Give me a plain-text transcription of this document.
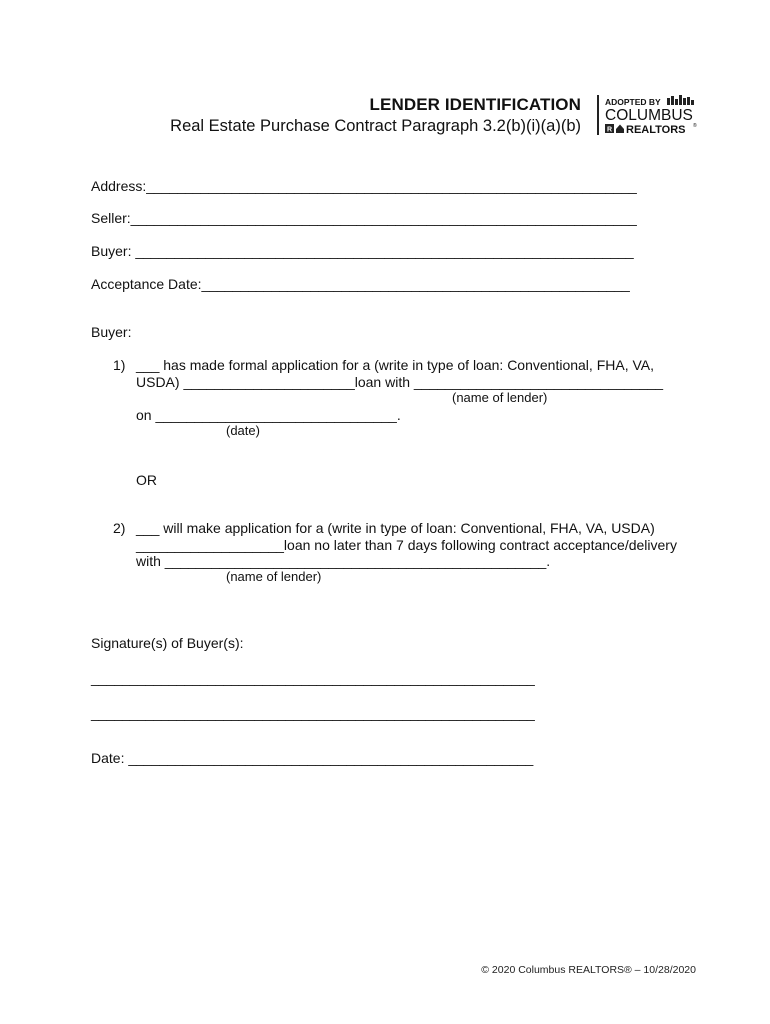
LENDER IDENTIFICATION
Real Estate Purchase Contract Paragraph 3.2(b)(i)(a)(b)
ADOPTED BY
COLUMBUS
R REALTORS ®
Address:_______________________________________________________________
Seller:_________________________________________________________________
Buyer: ________________________________________________________________
Acceptance Date:_______________________________________________________
Buyer:
1) ___ has made formal application for a (write in type of loan: Conventional, FHA, VA,
USDA) ______________________loan with ________________________________
(name of lender)
on _______________________________.
(date)
OR
2) ___ will make application for a (write in type of loan: Conventional, FHA, VA, USDA)
___________________loan no later than 7 days following contract acceptance/delivery
with _________________________________________________.
(name of lender)
Signature(s) of Buyer(s):
_________________________________________________________
_________________________________________________________
Date: ____________________________________________________
© 2020 Columbus REALTORS® – 10/28/2020
